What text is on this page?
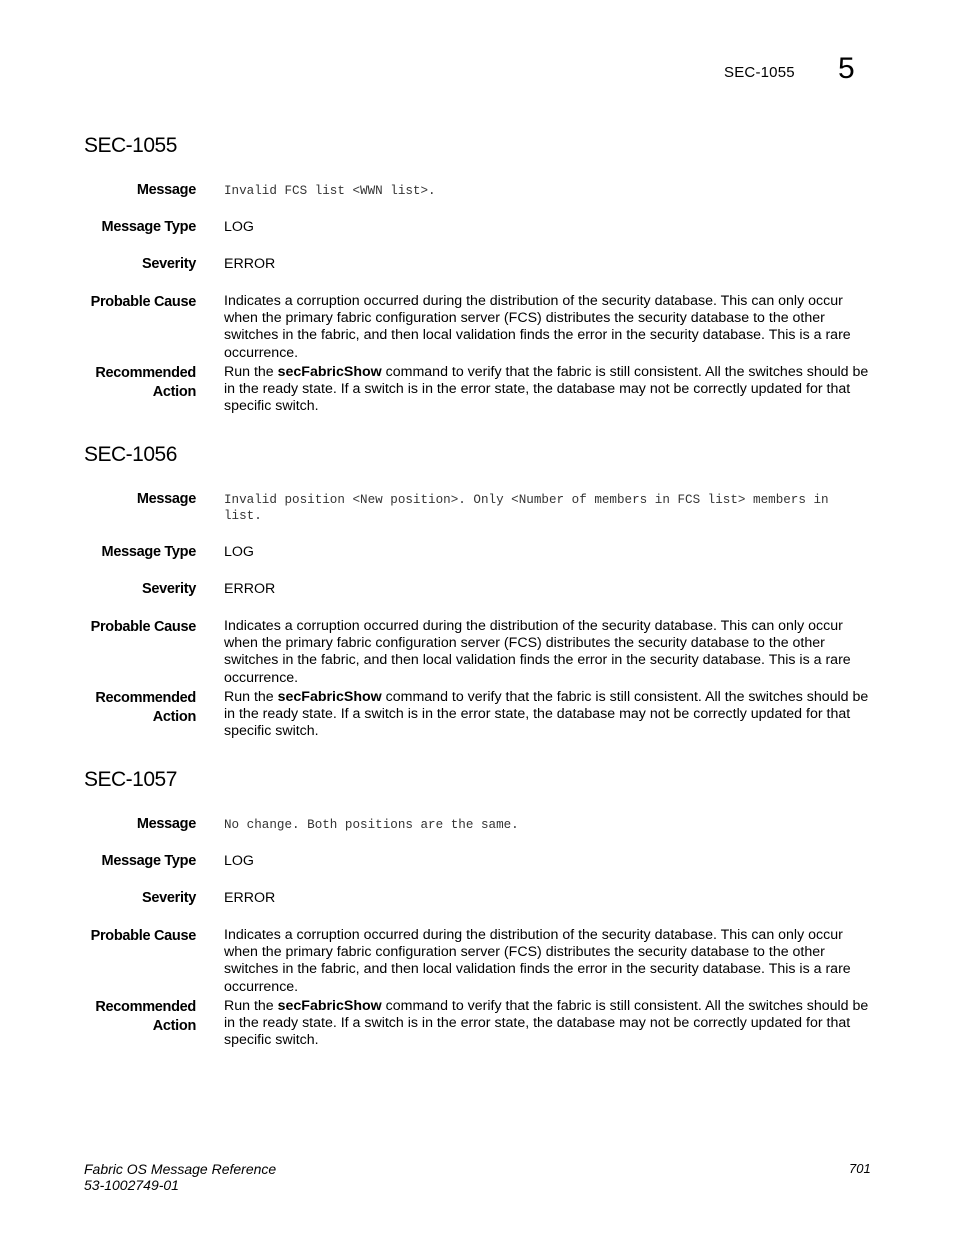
SEC-1055 5
SEC-1055
Message Invalid FCS list <WWN list>.
Message Type LOG
Severity ERROR
Probable Cause Indicates a corruption occurred during the distribution of the security database. This can only occur when the primary fabric configuration server (FCS) distributes the security database to the other switches in the fabric, and then local validation finds the error in the security database. This is a rare occurrence.
Recommended
Action
Run the secFabricShow command to verify that the fabric is still consistent. All the switches should be in the ready state. If a switch is in the error state, the database may not be correctly updated for that specific switch.
SEC-1056
Message Invalid position <New position>. Only <Number of members in FCS list> members in list.
Message Type LOG
Severity ERROR
Probable Cause Indicates a corruption occurred during the distribution of the security database. This can only occur when the primary fabric configuration server (FCS) distributes the security database to the other switches in the fabric, and then local validation finds the error in the security database. This is a rare occurrence.
Recommended
Action
Run the secFabricShow command to verify that the fabric is still consistent. All the switches should be in the ready state. If a switch is in the error state, the database may not be correctly updated for that specific switch.
SEC-1057
Message No change. Both positions are the same.
Message Type LOG
Severity ERROR
Probable Cause Indicates a corruption occurred during the distribution of the security database. This can only occur when the primary fabric configuration server (FCS) distributes the security database to the other switches in the fabric, and then local validation finds the error in the security database. This is a rare occurrence.
Recommended
Action
Run the secFabricShow command to verify that the fabric is still consistent. All the switches should be in the ready state. If a switch is in the error state, the database may not be correctly updated for that specific switch.
Fabric OS Message Reference
53-1002749-01
701
